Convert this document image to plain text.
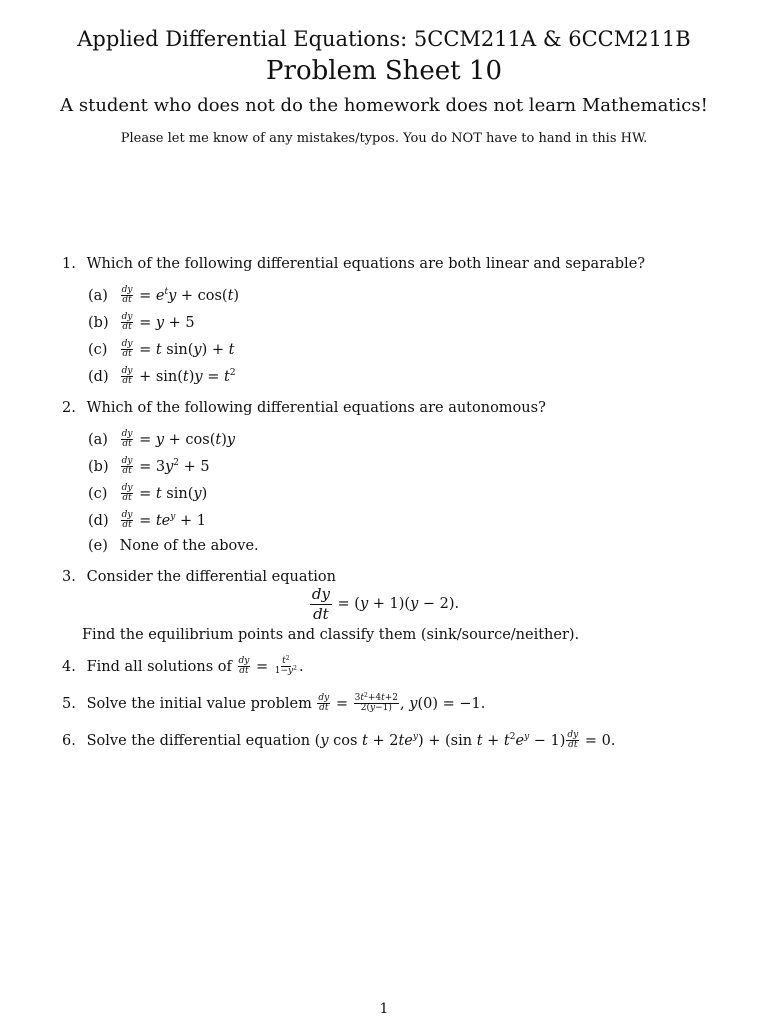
Applied Differential Equations: 5CCM211A & 6CCM211B
Problem Sheet 10
A student who does not do the homework does not learn Mathematics!
Please let me know of any mistakes/typos. You do NOT have to hand in this HW.
1. Which of the following differential equations are both linear and separable?
$(a) \frac{dy}{dt} = e^ty + \cos(t)$
$(b) \frac{dy}{dt} = y + 5$
$(c) \frac{dy}{dt} = t$ sin(y) + t
$(d) \frac{dy}{dt} + \sin(t)y = t^2$
2. Which of the following differential equations are autonomous?
$(a) \frac{dy}{dt} = y + \cos(t)y$
$(b) \frac{dy}{dt} = 3y^2 + 5$
$(c) \frac{dy}{dt} = t$ sin(y)
$(d) \frac{dy}{dt} = te^y + 1$
(e) None of the above.
3. Consider the differential equation
$\frac{dy}{dt} = (y + 1)(y - 2)$.
Find the equilibrium points and classify them (sink/source/neither).
4. Find all solutions of $\frac{dy}{dt} = \frac{t^2}{1-y^2}$ .
5. Solve the initial value problem $\frac{dy}{dt} = \frac{3t^2+4t+2}{2(y-1)}$ , y(0) = −1.
6. Solve the differential equation (y $\cos t + 2te^y) + (\sin$ $t + t^2e^y - 1) \frac{dy}{dt} = 0$.
1
